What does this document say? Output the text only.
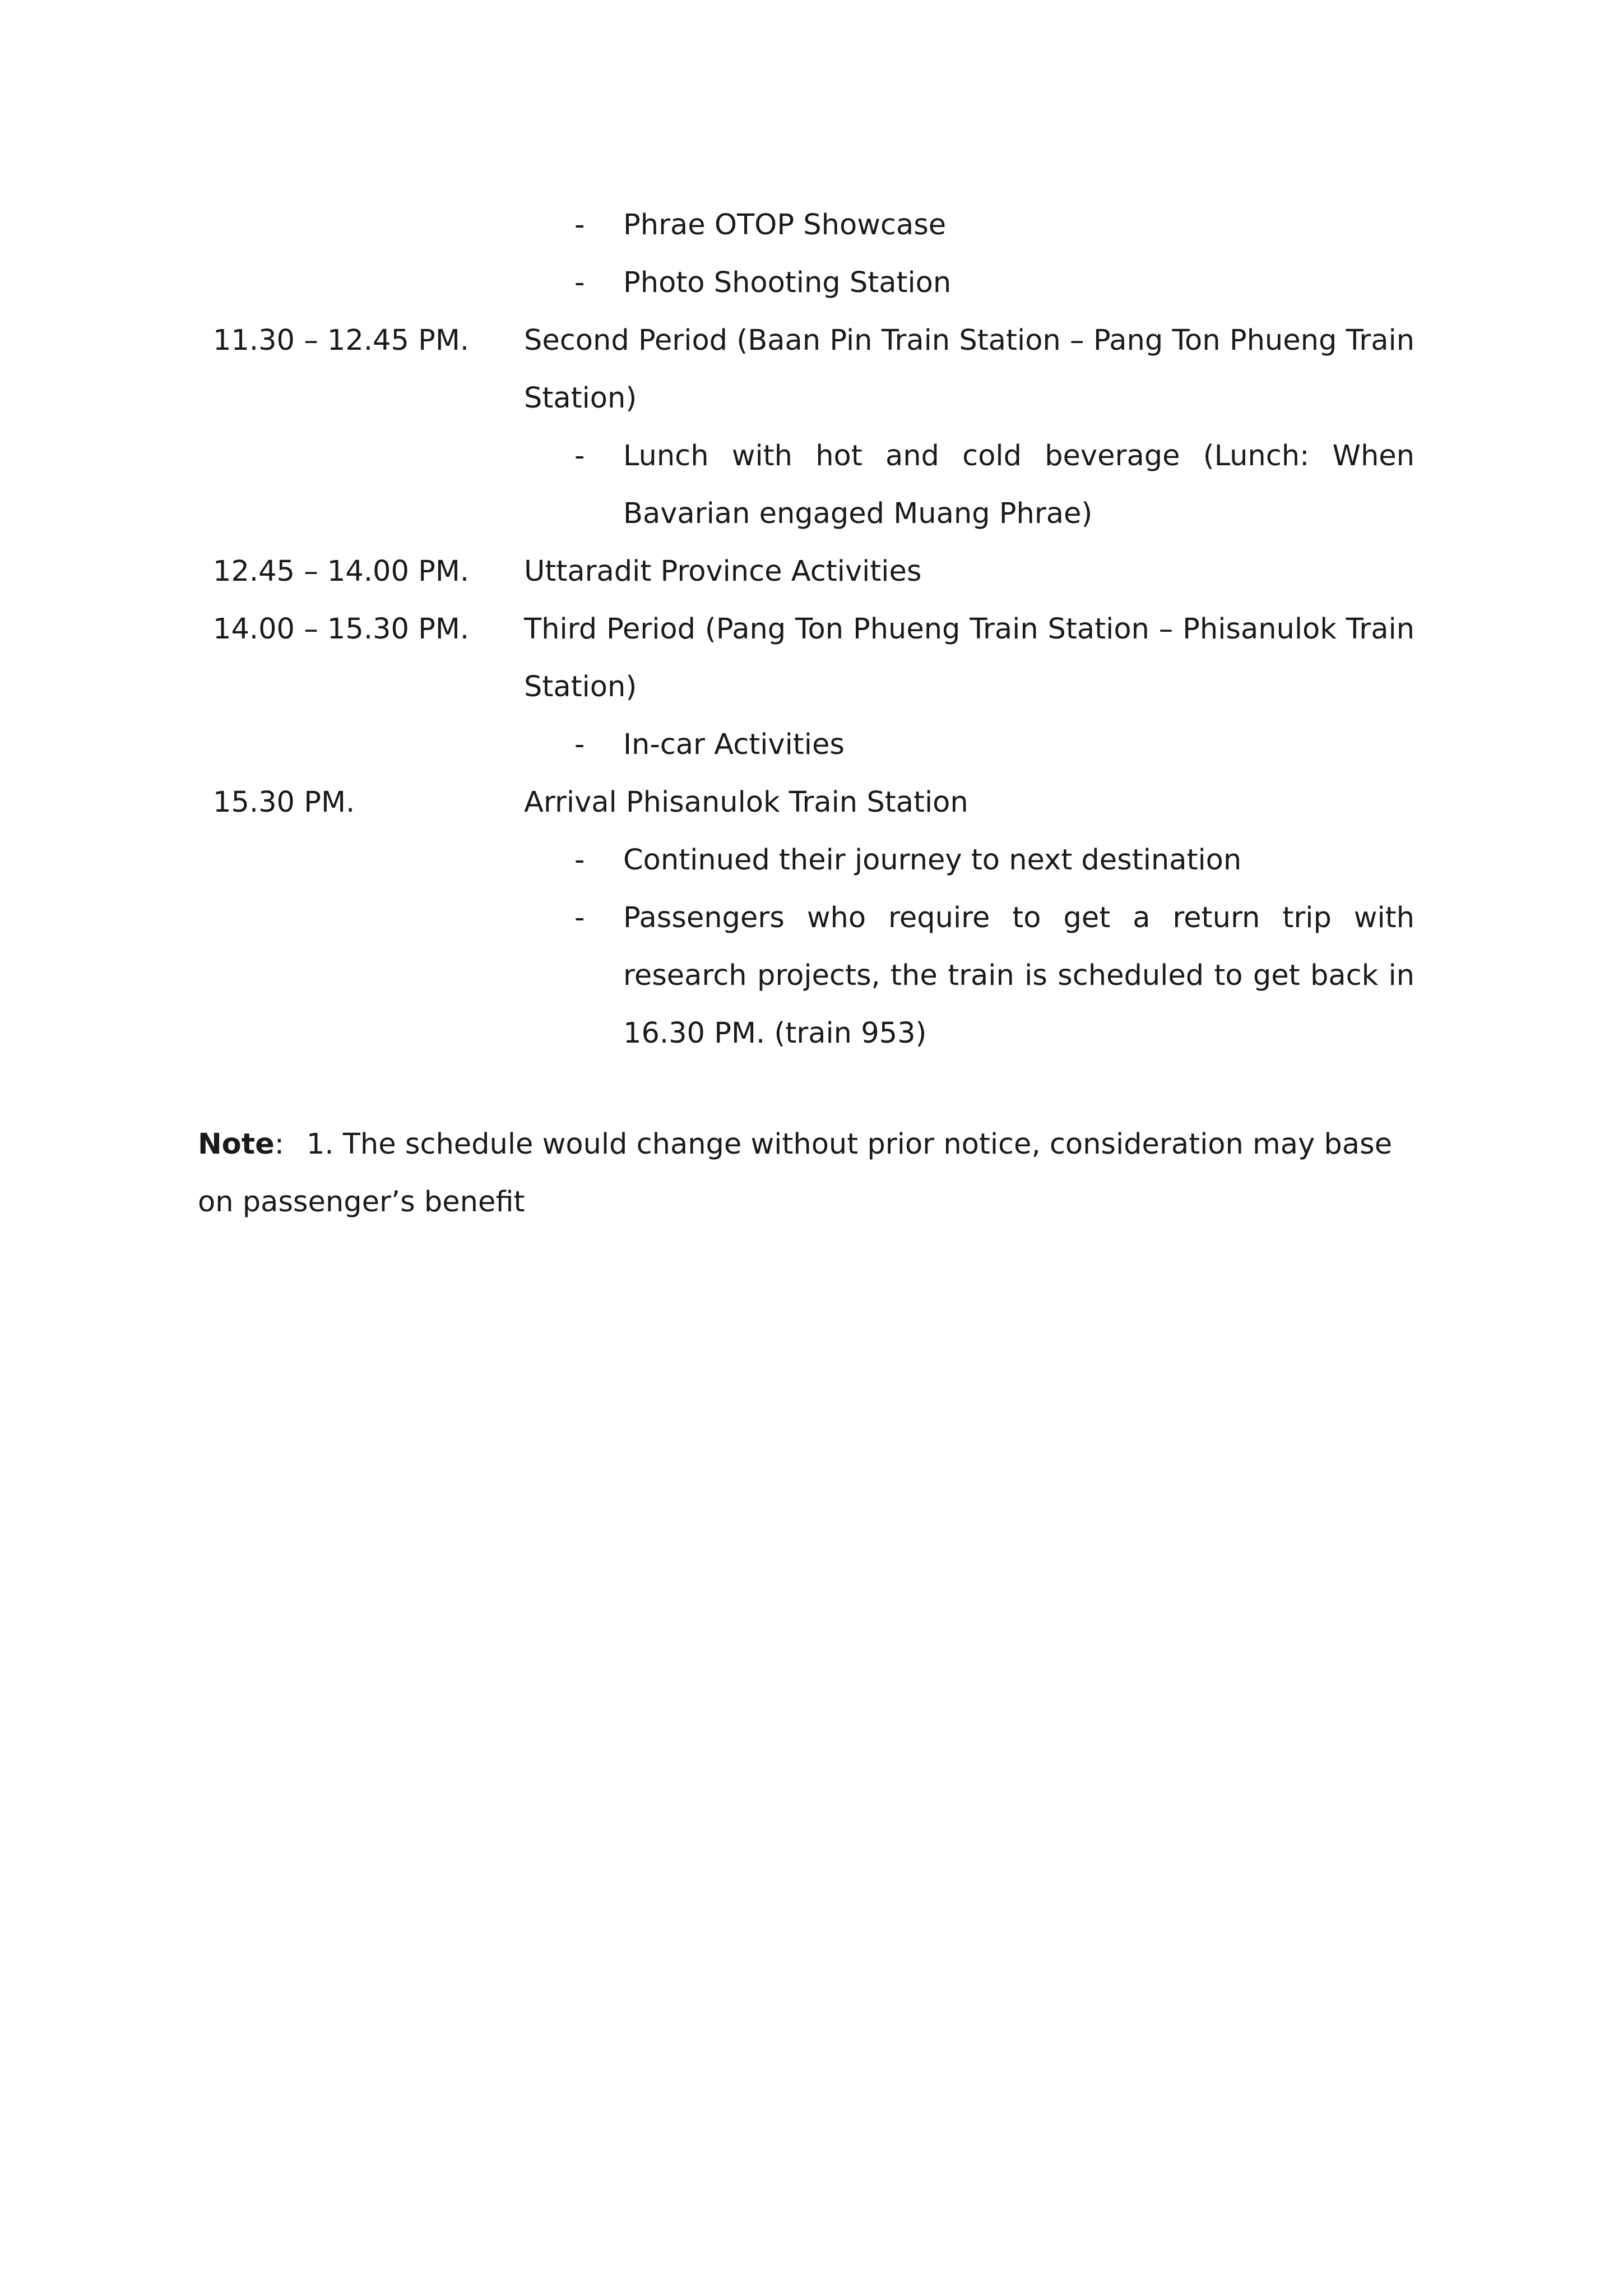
- Phrae OTOP Showcase
- Photo Shooting Station
11.30 – 12.45 PM.	Second Period (Baan Pin Train Station – Pang Ton Phueng Train Station)
- Lunch with hot and cold beverage (Lunch: When Bavarian engaged Muang Phrae)
12.45 – 14.00 PM.	Uttaradit Province Activities
14.00 – 15.30 PM.	Third Period (Pang Ton Phueng Train Station – Phisanulok Train Station)
- In-car Activities
15.30 PM.	Arrival Phisanulok Train Station
- Continued their journey to next destination
- Passengers who require to get a return trip with research projects, the train is scheduled to get back in 16.30 PM. (train 953)
Note: 1. The schedule would change without prior notice, consideration may base on passenger’s benefit
